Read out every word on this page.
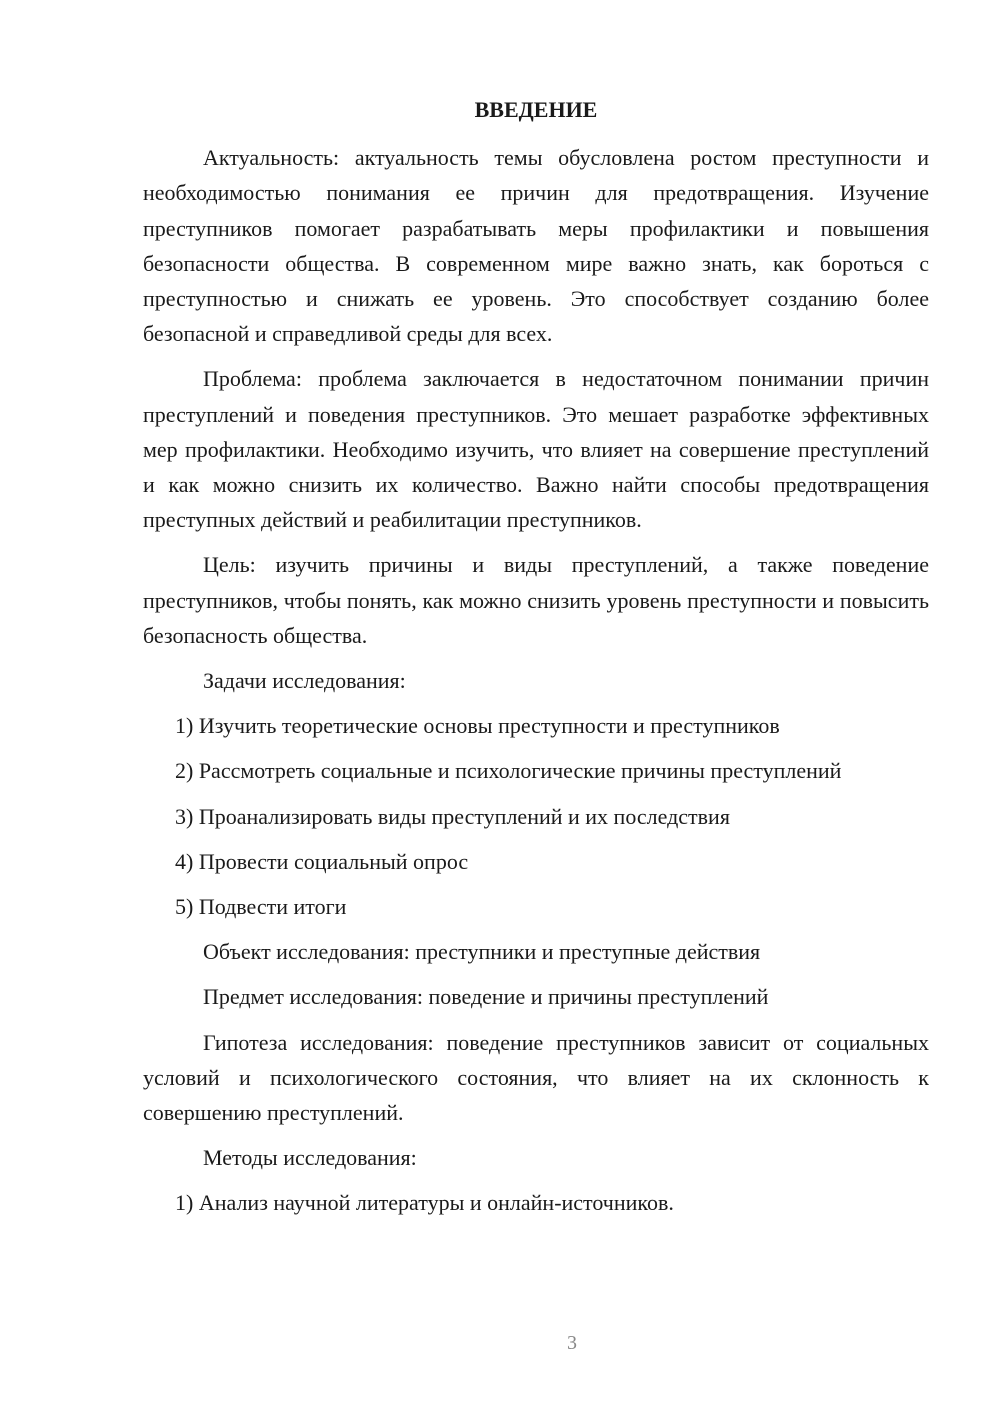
ВВЕДЕНИЕ

Актуальность: актуальность темы обусловлена ростом преступности и необходимостью понимания ее причин для предотвращения. Изучение преступников помогает разрабатывать меры профилактики и повышения безопасности общества. В современном мире важно знать, как бороться с преступностью и снижать ее уровень. Это способствует созданию более безопасной и справедливой среды для всех.

Проблема: проблема заключается в недостаточном понимании причин преступлений и поведения преступников. Это мешает разработке эффективных мер профилактики. Необходимо изучить, что влияет на совершение преступлений и как можно снизить их количество. Важно найти способы предотвращения преступных действий и реабилитации преступников.

Цель: изучить причины и виды преступлений, а также поведение преступников, чтобы понять, как можно снизить уровень преступности и повысить безопасность общества.

Задачи исследования:
1) Изучить теоретические основы преступности и преступников
2) Рассмотреть социальные и психологические причины преступлений
3) Проанализировать виды преступлений и их последствия
4) Провести социальный опрос
5) Подвести итоги
Объект исследования: преступники и преступные действия
Предмет исследования: поведение и причины преступлений

Гипотеза исследования: поведение преступников зависит от социальных условий и психологического состояния, что влияет на их склонность к совершению преступлений.

Методы исследования:
1) Анализ научной литературы и онлайн-источников.
3
